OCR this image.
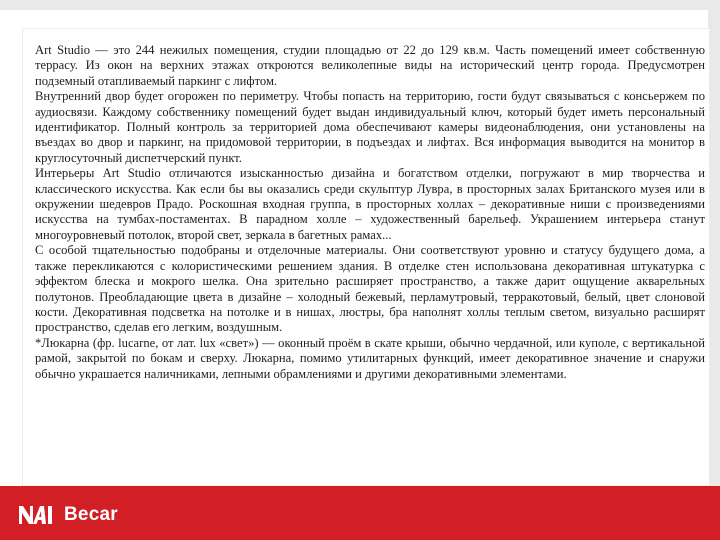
Art Studio — это 244 нежилых помещения, студии площадью от 22 до 129 кв.м. Часть помещений имеет собственную террасу. Из окон на верхних этажах откроются великолепные виды на исторический центр города. Предусмотрен подземный отапливаемый паркинг с лифтом.

Внутренний двор будет огорожен по периметру. Чтобы попасть на территорию, гости будут связываться с консьержем по аудиосвязи. Каждому собственнику помещений будет выдан индивидуальный ключ, который будет иметь персональный идентификатор. Полный контроль за территорией дома обеспечивают камеры видеонаблюдения, они установлены на въездах во двор и паркинг, на придомовой территории, в подъездах и лифтах. Вся информация выводится на монитор в круглосуточный диспетчерский пункт.

Интерьеры Art Studio отличаются изысканностью дизайна и богатством отделки, погружают в мир творчества и классического искусства. Как если бы вы оказались среди скульптур Лувра, в просторных залах Британского музея или в окружении шедевров Прадо. Роскошная входная группа, в просторных холлах – декоративные ниши с произведениями искусства на тумбах-постаментах. В парадном холле – художественный барельеф. Украшением интерьера станут многоуровневый потолок, второй свет, зеркала в багетных рамах...

С особой тщательностью подобраны и отделочные материалы. Они соответствуют уровню и статусу будущего дома, а также перекликаются с колористическими решением здания. В отделке стен использована декоративная штукатурка с эффектом блеска и мокрого шелка. Она зрительно расширяет пространство, а также дарит ощущение акварельных полутонов. Преобладающие цвета в дизайне – холодный бежевый, перламутровый, терракотовый, белый, цвет слоновой кости. Декоративная подсветка на потолке и в нишах, люстры, бра наполнят холлы теплым светом, визуально расширят пространство, сделав его легким, воздушным.

*Люкарна (фр. lucarne, от лат. lux «свет») — оконный проём в скате крыши, обычно чердачной, или куполе, с вертикальной рамой, закрытой по бокам и сверху. Люкарна, помимо утилитарных функций, имеет декоративное значение и снаружи обычно украшается наличниками, лепными обрамлениями и другими декоративными элементами.

Becar
